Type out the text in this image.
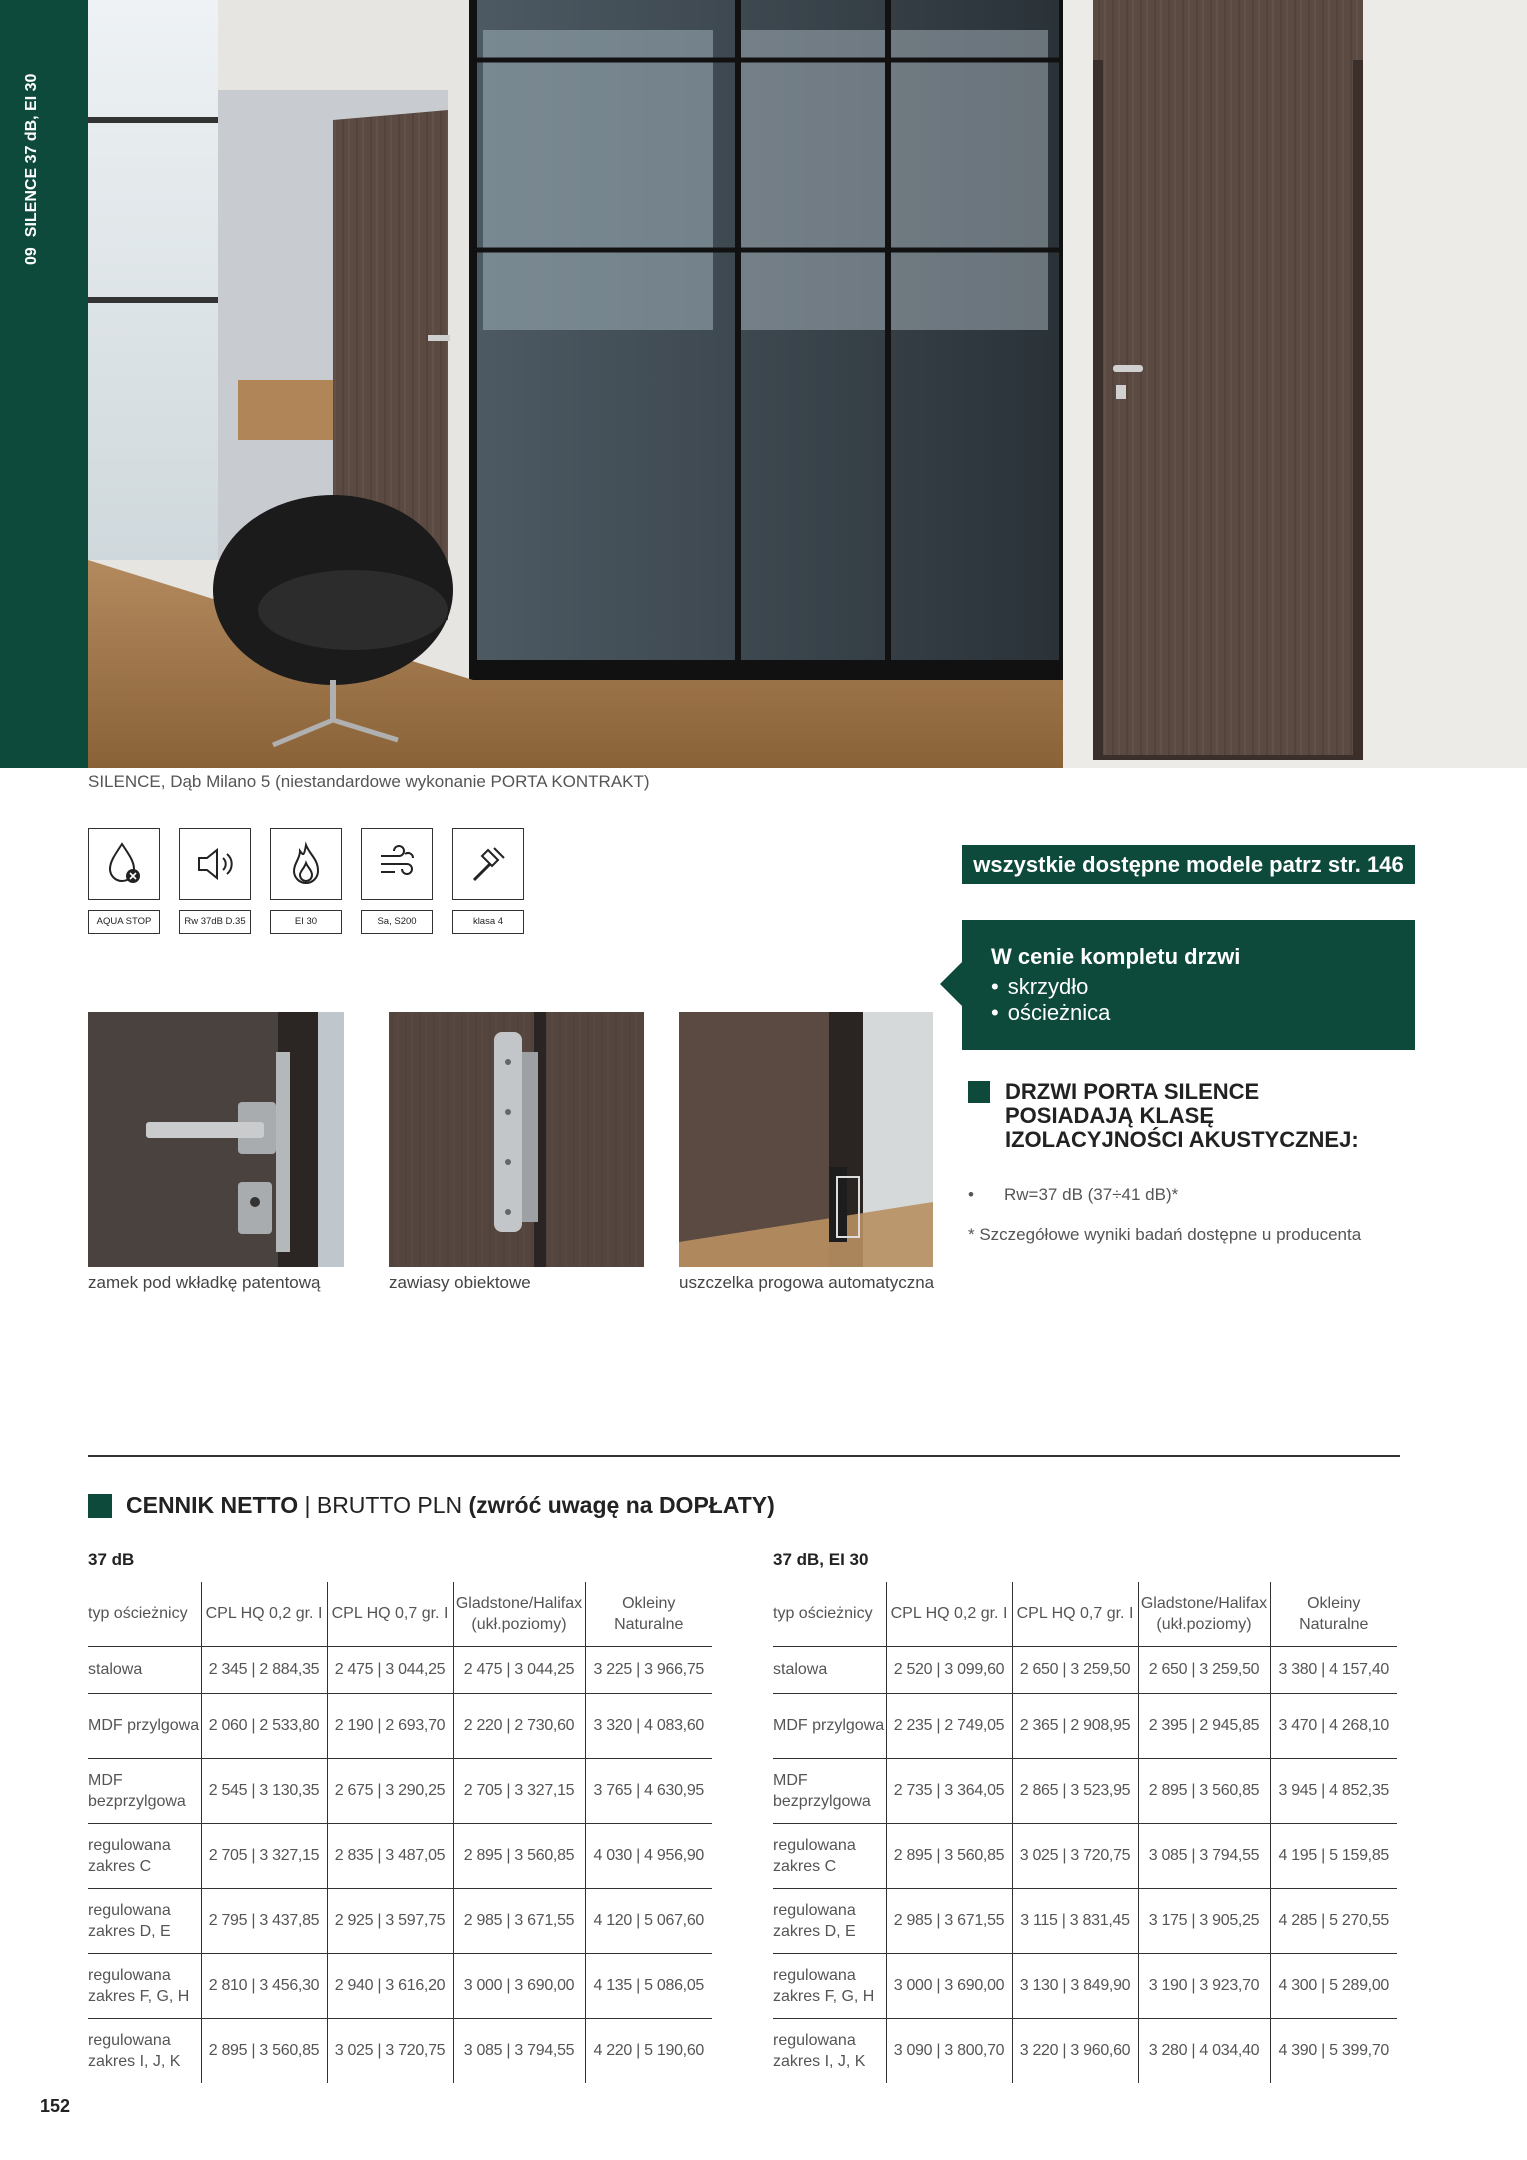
09SILENCE 37 dB, EI 30
SILENCE, Dąb Milano 5 (niestandardowe wykonanie PORTA KONTRAKT)
AQUA STOP	Rw 37dB D.35	EI 30	Sa, S200	klasa 4
wszystkie dostępne modele patrz str. 146
W cenie kompletu drzwi
• skrzydło
• ościeżnica
DRZWI PORTA SILENCE POSIADAJĄ KLASĘ IZOLACYJNOŚCI AKUSTYCZNEJ:
• Rw=37 dB (37÷41 dB)*
* Szczegółowe wyniki badań dostępne u producenta
zamek pod wkładkę patentową	zawiasy obiektowe	uszczelka progowa automatyczna
CENNIK NETTO | BRUTTO PLN (zwróć uwagę na DOPŁATY)
37 dB
typ ościeżnicy	CPL HQ 0,2 gr. I	CPL HQ 0,7 gr. I	Gladstone/Halifax (ukł.poziomy)	Okleiny Naturalne
stalowa	2 345 | 2 884,35	2 475 | 3 044,25	2 475 | 3 044,25	3 225 | 3 966,75
MDF przylgowa	2 060 | 2 533,80	2 190 | 2 693,70	2 220 | 2 730,60	3 320 | 4 083,60
MDF bezprzylgowa	2 545 | 3 130,35	2 675 | 3 290,25	2 705 | 3 327,15	3 765 | 4 630,95
regulowana zakres C	2 705 | 3 327,15	2 835 | 3 487,05	2 895 | 3 560,85	4 030 | 4 956,90
regulowana zakres D, E	2 795 | 3 437,85	2 925 | 3 597,75	2 985 | 3 671,55	4 120 | 5 067,60
regulowana zakres F, G, H	2 810 | 3 456,30	2 940 | 3 616,20	3 000 | 3 690,00	4 135 | 5 086,05
regulowana zakres I, J, K	2 895 | 3 560,85	3 025 | 3 720,75	3 085 | 3 794,55	4 220 | 5 190,60
37 dB, EI 30
typ ościeżnicy	CPL HQ 0,2 gr. I	CPL HQ 0,7 gr. I	Gladstone/Halifax (ukł.poziomy)	Okleiny Naturalne
stalowa	2 520 | 3 099,60	2 650 | 3 259,50	2 650 | 3 259,50	3 380 | 4 157,40
MDF przylgowa	2 235 | 2 749,05	2 365 | 2 908,95	2 395 | 2 945,85	3 470 | 4 268,10
MDF bezprzylgowa	2 735 | 3 364,05	2 865 | 3 523,95	2 895 | 3 560,85	3 945 | 4 852,35
regulowana zakres C	2 895 | 3 560,85	3 025 | 3 720,75	3 085 | 3 794,55	4 195 | 5 159,85
regulowana zakres D, E	2 985 | 3 671,55	3 115 | 3 831,45	3 175 | 3 905,25	4 285 | 5 270,55
regulowana zakres F, G, H	3 000 | 3 690,00	3 130 | 3 849,90	3 190 | 3 923,70	4 300 | 5 289,00
regulowana zakres I, J, K	3 090 | 3 800,70	3 220 | 3 960,60	3 280 | 4 034,40	4 390 | 5 399,70
152
